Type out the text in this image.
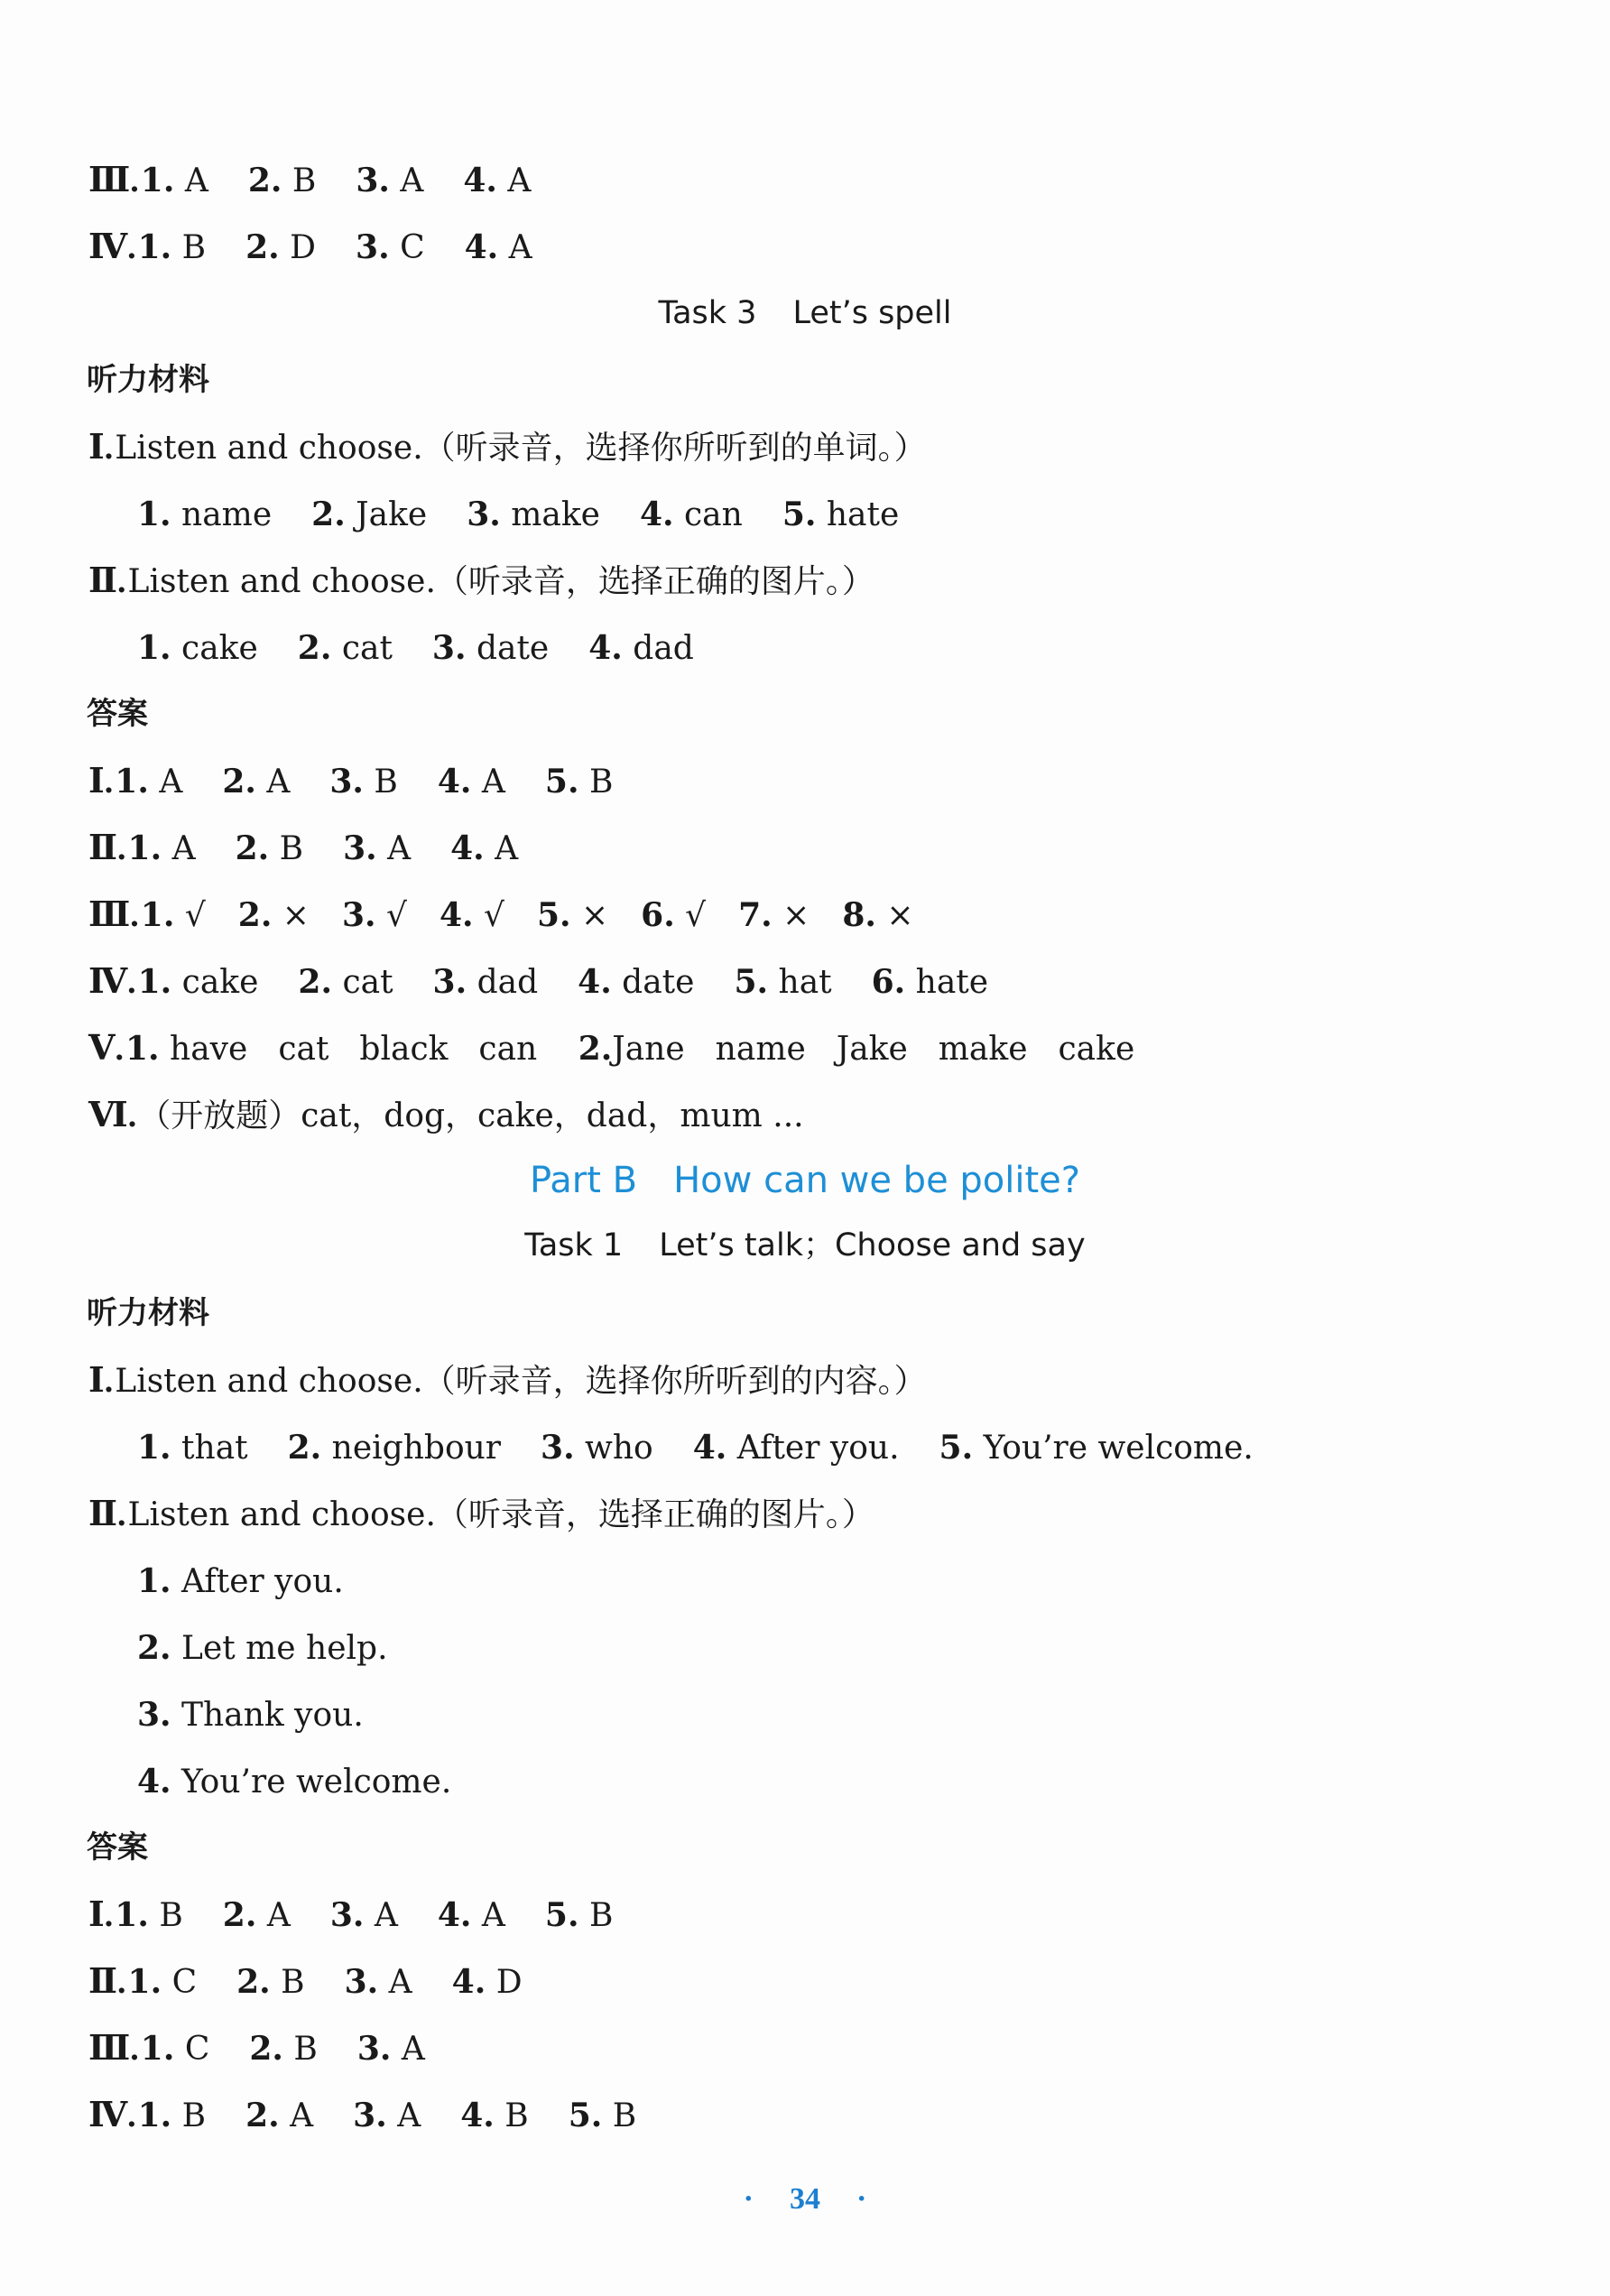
Ⅲ.1. A 2. B 3. A 4. A
Ⅳ.1. B 2. D 3. C 4. A
Task 3 Let’s spell
听力材料
Ⅰ.Listen and choose.（听录音，选择你所听到的单词。）
1. name 2. Jake 3. make 4. can 5. hate
Ⅱ.Listen and choose.（听录音，选择正确的图片。）
1. cake 2. cat 3. date 4. dad
答案
Ⅰ.1. A 2. A 3. B 4. A 5. B
Ⅱ.1. A 2. B 3. A 4. A
Ⅲ.1. √ 2. × 3. √ 4. √ 5. × 6. √ 7. × 8. ×
Ⅳ.1. cake 2. cat 3. dad 4. date 5. hat 6. hate
Ⅴ.1. have cat black can 2.Jane name Jake make cake
Ⅵ.（开放题）cat，dog，cake，dad，mum ...
Part B How can we be polite?
Task 1 Let’s talk；Choose and say
听力材料
Ⅰ.Listen and choose.（听录音，选择你所听到的内容。）
1. that 2. neighbour 3. who 4. After you. 5. You’re welcome.
Ⅱ.Listen and choose.（听录音，选择正确的图片。）
1. After you.
2. Let me help.
3. Thank you.
4. You’re welcome.
答案
Ⅰ.1. B 2. A 3. A 4. A 5. B
Ⅱ.1. C 2. B 3. A 4. D
Ⅲ.1. C 2. B 3. A
Ⅳ.1. B 2. A 3. A 4. B 5. B
· 34 ·
